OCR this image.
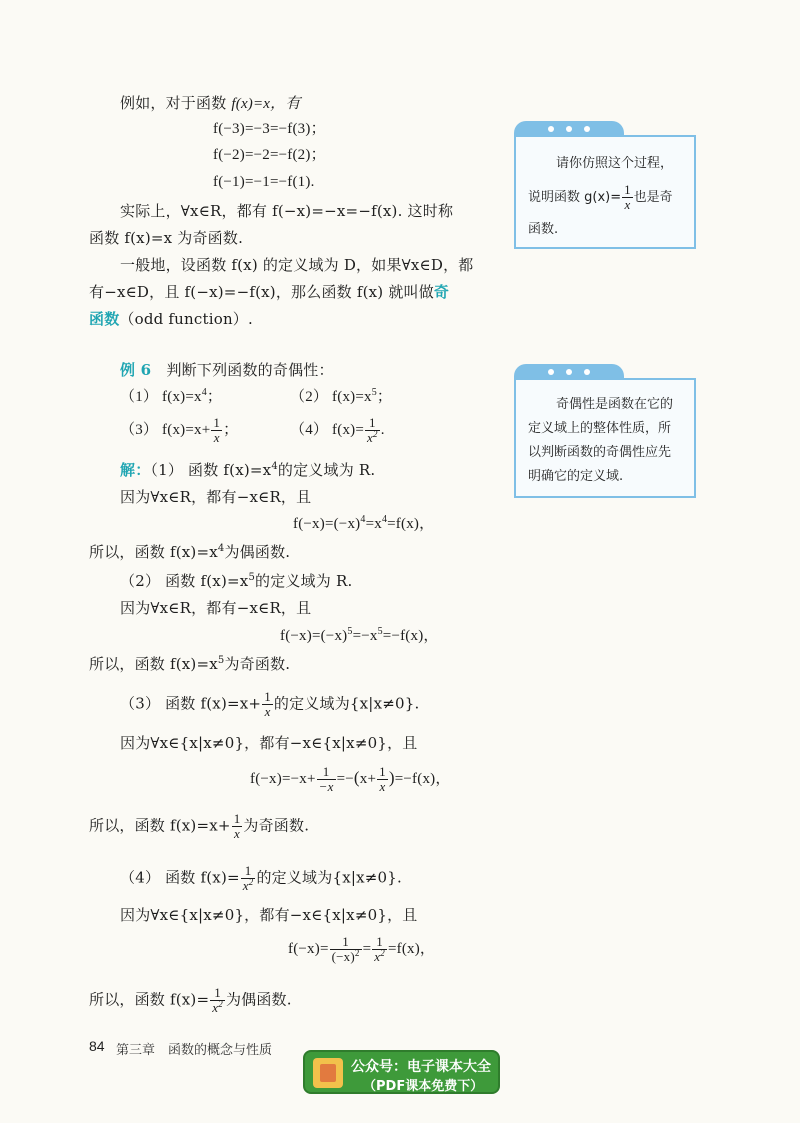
例如，对于函数 f(x)=x，有
f(−3)=−3=−f(3)；
f(−2)=−2=−f(2)；
f(−1)=−1=−f(1).
实际上，∀x∈R，都有 f(−x)=−x=−f(x). 这时称
函数 f(x)=x 为奇函数.
一般地，设函数 f(x) 的定义域为 D，如果∀x∈D，都
有−x∈D，且 f(−x)=−f(x)，那么函数 f(x) 就叫做奇
函数（odd function）.
请你仿照这个过程，
说明函数 $g(x)= \frac{1}{x}$ 也是奇
函数.
例 6　 判断下列函数的奇偶性：
（1） $f(x)=x^4$；	（2） $f(x)=x^5$；
（3） $f(x)=x+ \frac{1}{x}$ ；	（4） $f(x)= \frac{1}{x^2}$ .
奇偶性是函数在它的
定义域上的整体性质，所
以判断函数的奇偶性应先
明确它的定义域.
解：（1） 函数 $f(x)=x^4$的定义域为 R.
因为∀x∈R，都有−x∈R，且
$f(-x)=(-x)^4=x^4=f(x)$，
所以，函数 $f(x)=x^4$为偶函数.
（2） 函数 $f(x)=x^5$的定义域为 R.
因为∀x∈R，都有−x∈R，且
$f(-x)=(-x)^5=-x^5=-f(x)$，
所以，函数 $f(x)=x^5$为奇函数.
（3） 函数 $f(x)=x+ \frac{1}{x}$ 的定义域为{x|x≠0}.
因为∀x∈{x|x≠0}，都有−x∈{x|x≠0}，且
$f(-x)=-x+ \frac{1}{-x} =-(x+ \frac{1}{x} )=-f(x)$，
所以，函数 $f(x)=x+ \frac{1}{x}$ 为奇函数.
（4） 函数 $f(x)= \frac{1}{x^2}$ 的定义域为{x|x≠0}.
因为∀x∈{x|x≠0}，都有−x∈{x|x≠0}，且
$f(-x)= \frac{1}{(-x)^2} = \frac{1}{x^2} =f(x)$，
所以，函数 $f(x)= \frac{1}{x^2}$ 为偶函数.
84 第三章　函数的概念与性质
公众号：电子课本大全
（PDF课本免费下）
